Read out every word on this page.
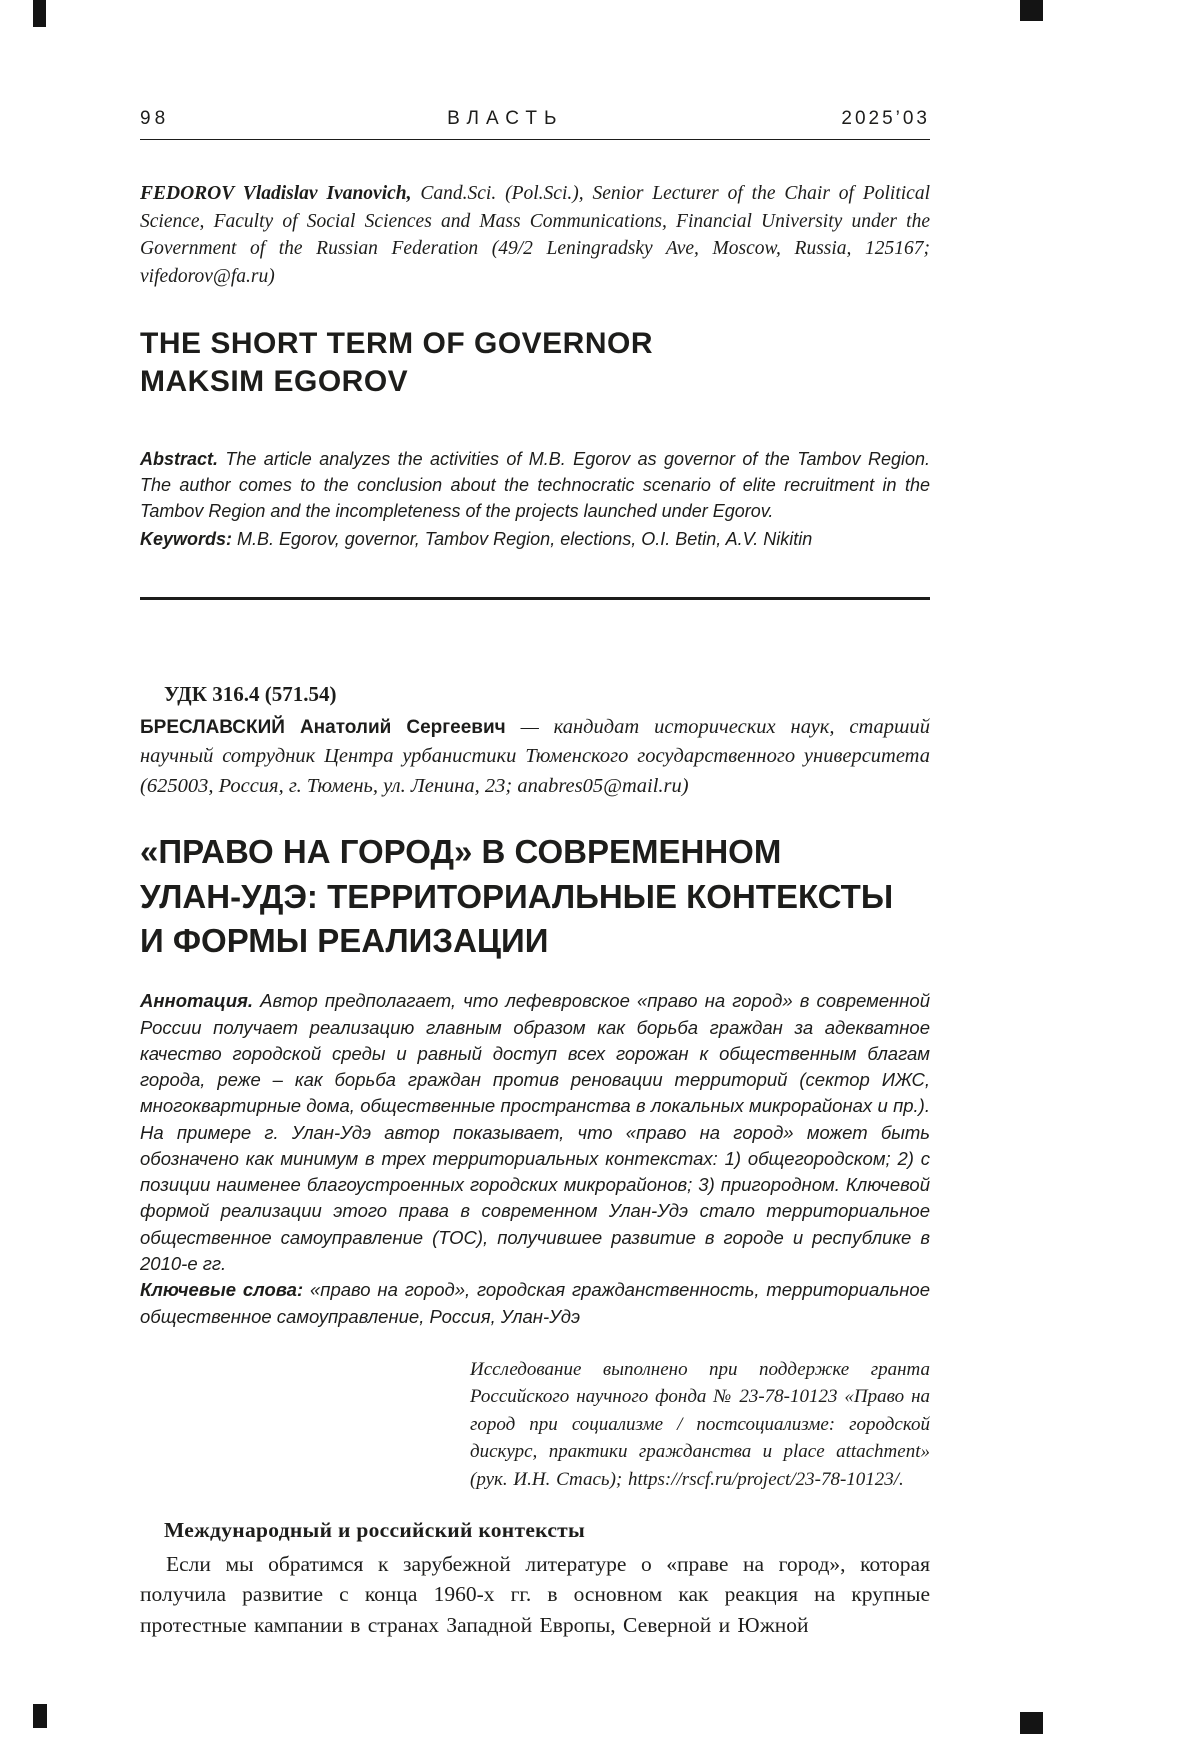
98	ВЛАСТЬ	2025’03

FEDOROV Vladislav Ivanovich, Cand.Sci. (Pol.Sci.), Senior Lecturer of the Chair of Political Science, Faculty of Social Sciences and Mass Communications, Financial University under the Government of the Russian Federation (49/2 Leningradsky Ave, Moscow, Russia, 125167; vifedorov@fa.ru)

THE SHORT TERM OF GOVERNOR
MAKSIM EGOROV

Abstract. The article analyzes the activities of M.B. Egorov as governor of the Tambov Region. The author comes to the conclusion about the technocratic scenario of elite recruitment in the Tambov Region and the incompleteness of the projects launched under Egorov.

Keywords: M.B. Egorov, governor, Tambov Region, elections, O.I. Betin, A.V. Nikitin

УДК 316.4 (571.54)

БРЕСЛАВСКИЙ Анатолий Сергеевич — кандидат исторических наук, старший научный сотрудник Центра урбанистики Тюменского государственного университета (625003, Россия, г. Тюмень, ул. Ленина, 23; anabres05@mail.ru)

«ПРАВО НА ГОРОД» В СОВРЕМЕННОМ
УЛАН-УДЭ: ТЕРРИТОРИАЛЬНЫЕ КОНТЕКСТЫ
И ФОРМЫ РЕАЛИЗАЦИИ

Аннотация. Автор предполагает, что лефевровское «право на город» в современной России получает реализацию главным образом как борьба граждан за адекватное качество городской среды и равный доступ всех горожан к общественным благам города, реже – как борьба граждан против реновации территорий (сектор ИЖС, многоквартирные дома, общественные пространства в локальных микрорайонах и пр.). На примере г. Улан-Удэ автор показывает, что «право на город» может быть обозначено как минимум в трех территориальных контекстах: 1) общегородском; 2) с позиции наименее благоустроенных городских микрорайонов; 3) пригородном. Ключевой формой реализации этого права в современном Улан-Удэ стало территориальное общественное самоуправление (ТОС), получившее развитие в городе и республике в 2010-е гг.

Ключевые слова: «право на город», городская гражданственность, территориальное общественное самоуправление, Россия, Улан-Удэ

Исследование выполнено при поддержке гранта Российского научного фонда № 23-78-10123 «Право на город при социализме / постсоциализме: городской дискурс, практики гражданства и place attachment» (рук. И.Н. Стась); https://rscf.ru/project/23-78-10123/.

Международный и российский контексты

Если мы обратимся к зарубежной литературе о «праве на город», которая получила развитие с конца 1960-х гг. в основном как реакция на крупные протестные кампании в странах Западной Европы, Северной и Южной
